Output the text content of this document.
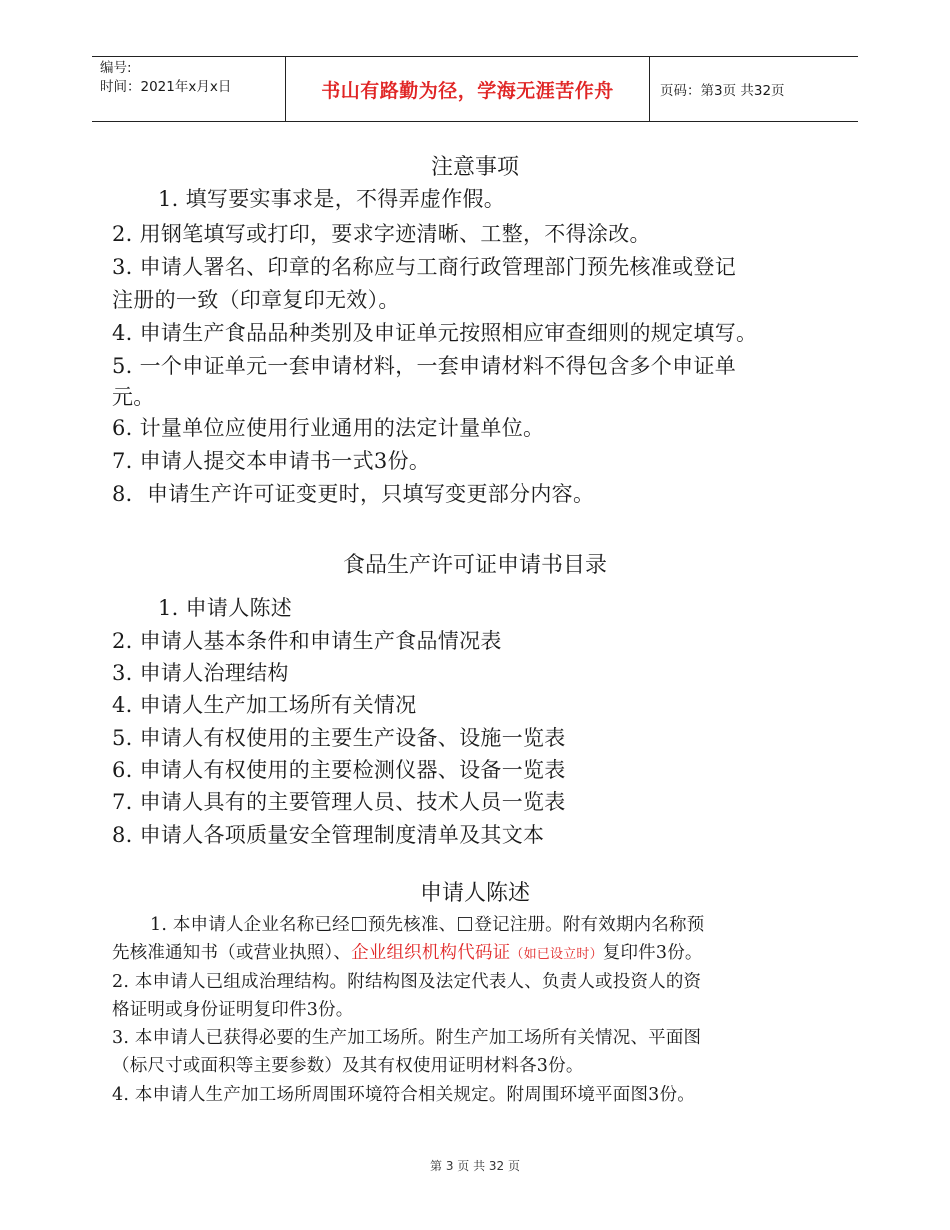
编号:
时间：2021年x月x日	书山有路勤为径，学海无涯苦作舟	页码：第3页 共32页
注意事项
1. 填写要实事求是，不得弄虚作假。
2. 用钢笔填写或打印，要求字迹清晰、工整，不得涂改。
3. 申请人署名、印章的名称应与工商行政管理部门预先核准或登记
注册的一致（印章复印无效）。
4. 申请生产食品品种类别及申证单元按照相应审查细则的规定填写。
5. 一个申证单元一套申请材料，一套申请材料不得包含多个申证单
元。
6. 计量单位应使用行业通用的法定计量单位。
7. 申请人提交本申请书一式3份。
8．申请生产许可证变更时，只填写变更部分内容。
食品生产许可证申请书目录
1. 申请人陈述
2. 申请人基本条件和申请生产食品情况表
3. 申请人治理结构
4. 申请人生产加工场所有关情况
5. 申请人有权使用的主要生产设备、设施一览表
6. 申请人有权使用的主要检测仪器、设备一览表
7. 申请人具有的主要管理人员、技术人员一览表
8. 申请人各项质量安全管理制度清单及其文本
申请人陈述
1. 本申请人企业名称已经 预先核准、 登记注册。附有效期内名称预
先核准通知书（或营业执照）、企业组织机构代码证（如已设立时）复印件3份。
2. 本申请人已组成治理结构。附结构图及法定代表人、负责人或投资人的资
格证明或身份证明复印件3份。
3. 本申请人已获得必要的生产加工场所。附生产加工场所有关情况、平面图
（标尺寸或面积等主要参数）及其有权使用证明材料各3份。
4. 本申请人生产加工场所周围环境符合相关规定。附周围环境平面图3份。
第 3 页 共 32 页
